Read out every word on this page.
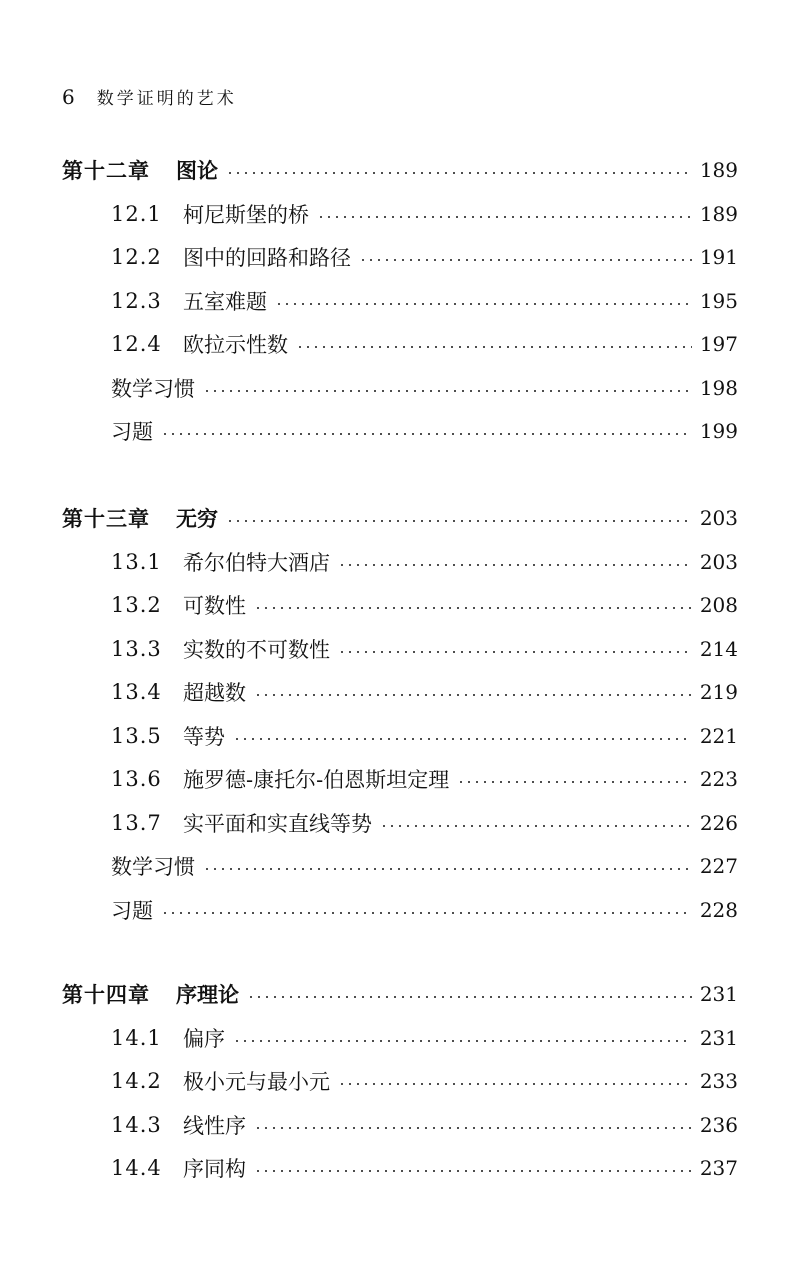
6 数学证明的艺术
第十二章 图论	189
12.1	柯尼斯堡的桥	189
12.2	图中的回路和路径	191
12.3	五室难题	195
12.4	欧拉示性数	197
数学习惯	198
习题	199
第十三章 无穷	203
13.1	希尔伯特大酒店	203
13.2	可数性	208
13.3	实数的不可数性	214
13.4	超越数	219
13.5	等势	221
13.6	施罗德-康托尔-伯恩斯坦定理	223
13.7	实平面和实直线等势	226
数学习惯	227
习题	228
第十四章 序理论	231
14.1	偏序	231
14.2	极小元与最小元	233
14.3	线性序	236
14.4	序同构	237
